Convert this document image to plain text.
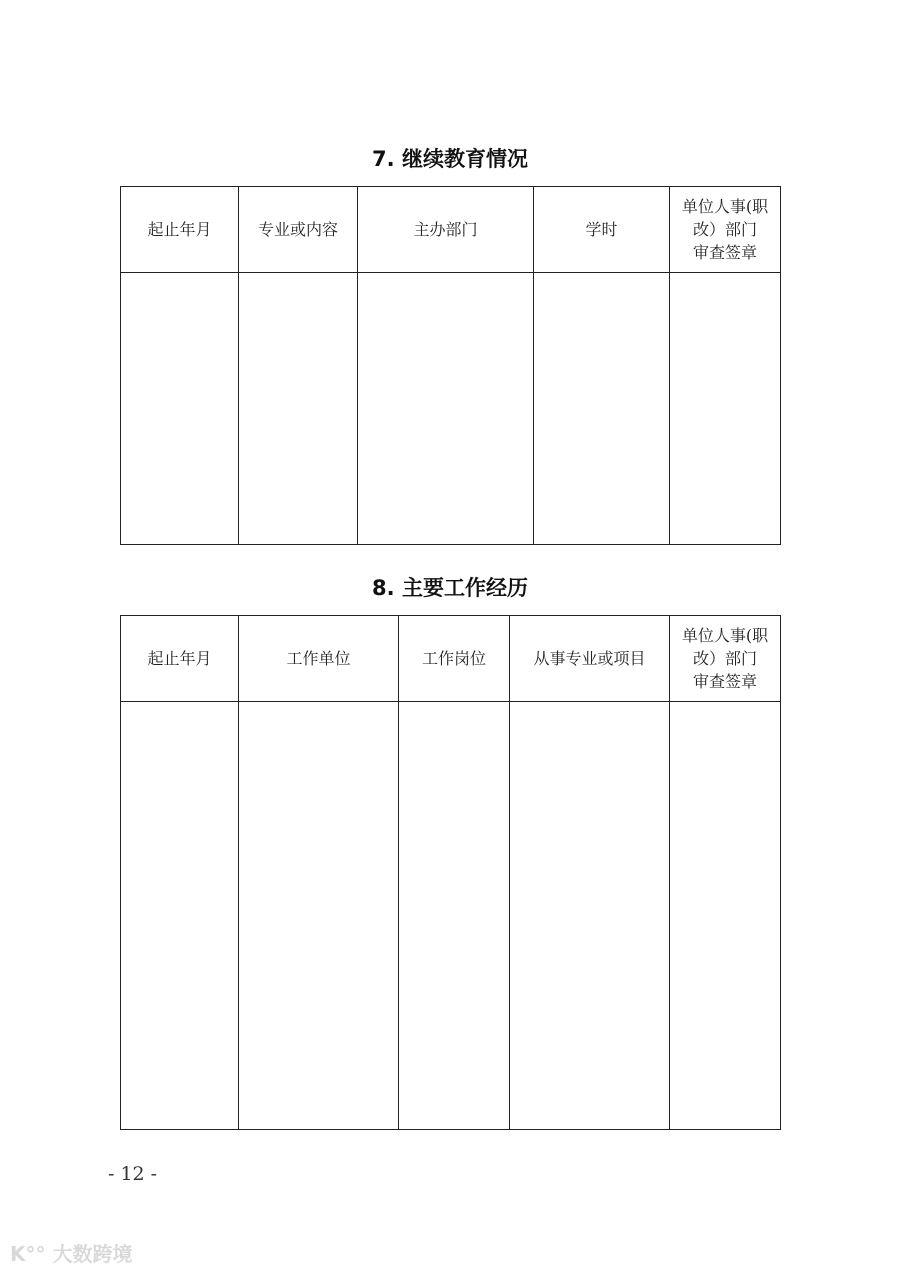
7. 继续教育情况
起止年月	专业或内容	主办部门	学时	单位人事(职
改）部门
审查签章

8. 主要工作经历
起止年月	工作单位	工作岗位	从事专业或项目	单位人事(职
改）部门
审查签章

- 12 -
K°° 大数跨境
